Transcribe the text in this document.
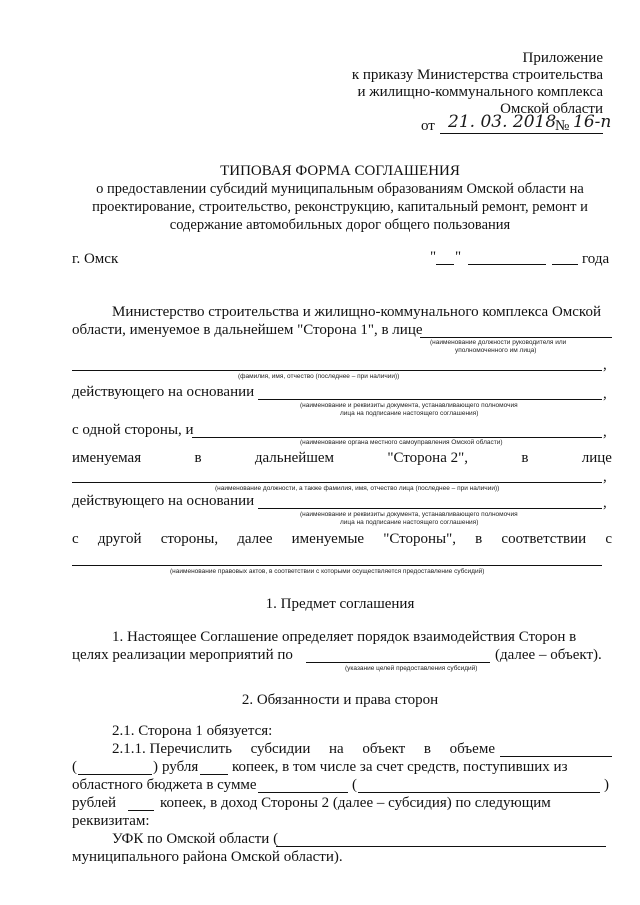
Приложение
к приказу Министерства строительства
и жилищно-коммунального комплекса
Омской области
от 21. 03. 2018
№ 16-п
ТИПОВАЯ ФОРМА СОГЛАШЕНИЯ
о предоставлении субсидий муниципальным образованиям Омской области на
проектирование, строительство, реконструкцию, капитальный ремонт, ремонт и
содержание автомобильных дорог общего пользования
г. Омск	" "	года
Министерство строительства и жилищно-коммунального комплекса Омской
области, именуемое в дальнейшем "Сторона 1", в лице
(наименование должности руководителя или
уполномоченного им лица)
,
(фамилия, имя, отчество (последнее – при наличии))
действующего на основании	,
(наименование и реквизиты документа, устанавливающего полномочия
лица на подписание настоящего соглашения)
с одной стороны, и	,
(наименование органа местного самоуправления Омской области)
именуемая	в	дальнейшем	"Сторона 2",	в	лице
,
(наименование должности, а также фамилия, имя, отчество лица (последнее – при наличии))
действующего на основании	,
(наименование и реквизиты документа, устанавливающего полномочия
лица на подписание настоящего соглашения)
с другой стороны, далее именуемые "Стороны", в соответствии с
(наименование правовых актов, в соответствии с которыми осуществляется предоставление субсидий)
1. Предмет соглашения
1. Настоящее Соглашение определяет порядок взаимодействия Сторон в
целях реализации мероприятий по	(далее – объект).
(указание целей предоставления субсидий)
2. Обязанности и права сторон
2.1. Сторона 1 обязуется:
2.1.1. Перечислить субсидии на объект в объеме
(	) рубля копеек, в том числе за счет средств, поступивших из
областного бюджета в сумме	(	)
рублей	копеек, в доход Стороны 2 (далее – субсидия) по следующим
реквизитам:
УФК по Омской области (
муниципального района Омской области).
